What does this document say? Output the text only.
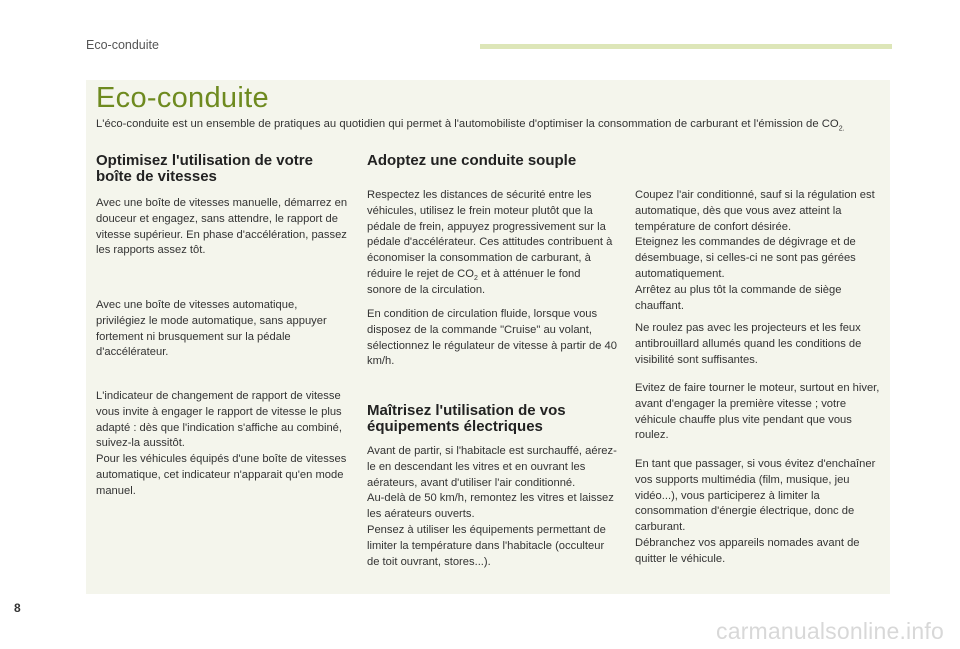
Eco-conduite
Eco-conduite
L'éco-conduite est un ensemble de pratiques au quotidien qui permet à l'automobiliste d'optimiser la consommation de carburant et l'émission de $CO_{2.}$
Optimisez l'utilisation de votre
boîte de vitesses

Avec une boîte de vitesses manuelle, démarrez en douceur et engagez, sans attendre, le rapport de vitesse supérieur. En phase d'accélération, passez les rapports assez tôt.

Avec une boîte de vitesses automatique, privilégiez le mode automatique, sans appuyer fortement ni brusquement sur la pédale d'accélérateur.

L'indicateur de changement de rapport de vitesse vous invite à engager le rapport de vitesse le plus adapté : dès que l'indication s'affiche au combiné, suivez-la aussitôt.

Pour les véhicules équipés d'une boîte de vitesses automatique, cet indicateur n'apparait qu'en mode manuel.

Adoptez une conduite souple

Respectez les distances de sécurité entre les véhicules, utilisez le frein moteur plutôt que la pédale de frein, appuyez progressivement sur la pédale d'accélérateur. Ces attitudes contribuent à économiser la consommation de carburant, à réduire le rejet de $CO_2$ et à atténuer le fond sonore de la circulation.

En condition de circulation fluide, lorsque vous disposez de la commande "Cruise" au volant, sélectionnez le régulateur de vitesse à partir de 40 km/h.

Maîtrisez l'utilisation de vos
équipements électriques

Avant de partir, si l'habitacle est surchauffé, aérez-le en descendant les vitres et en ouvrant les aérateurs, avant d'utiliser l'air conditionné.

Au-delà de 50 km/h, remontez les vitres et laissez les aérateurs ouverts.

Pensez à utiliser les équipements permettant de limiter la température dans l'habitacle (occulteur de toit ouvrant, stores...).

Coupez l'air conditionné, sauf si la régulation est automatique, dès que vous avez atteint la température de confort désirée.

Eteignez les commandes de dégivrage et de désembuage, si celles-ci ne sont pas gérées automatiquement.

Arrêtez au plus tôt la commande de siège chauffant.

Ne roulez pas avec les projecteurs et les feux antibrouillard allumés quand les conditions de visibilité sont suffisantes.

Evitez de faire tourner le moteur, surtout en hiver, avant d'engager la première vitesse ; votre véhicule chauffe plus vite pendant que vous roulez.

En tant que passager, si vous évitez d'enchaîner vos supports multimédia (film, musique, jeu vidéo...), vous participerez à limiter la consommation d'énergie électrique, donc de carburant.

Débranchez vos appareils nomades avant de quitter le véhicule.

8
carmanualsonline.info
